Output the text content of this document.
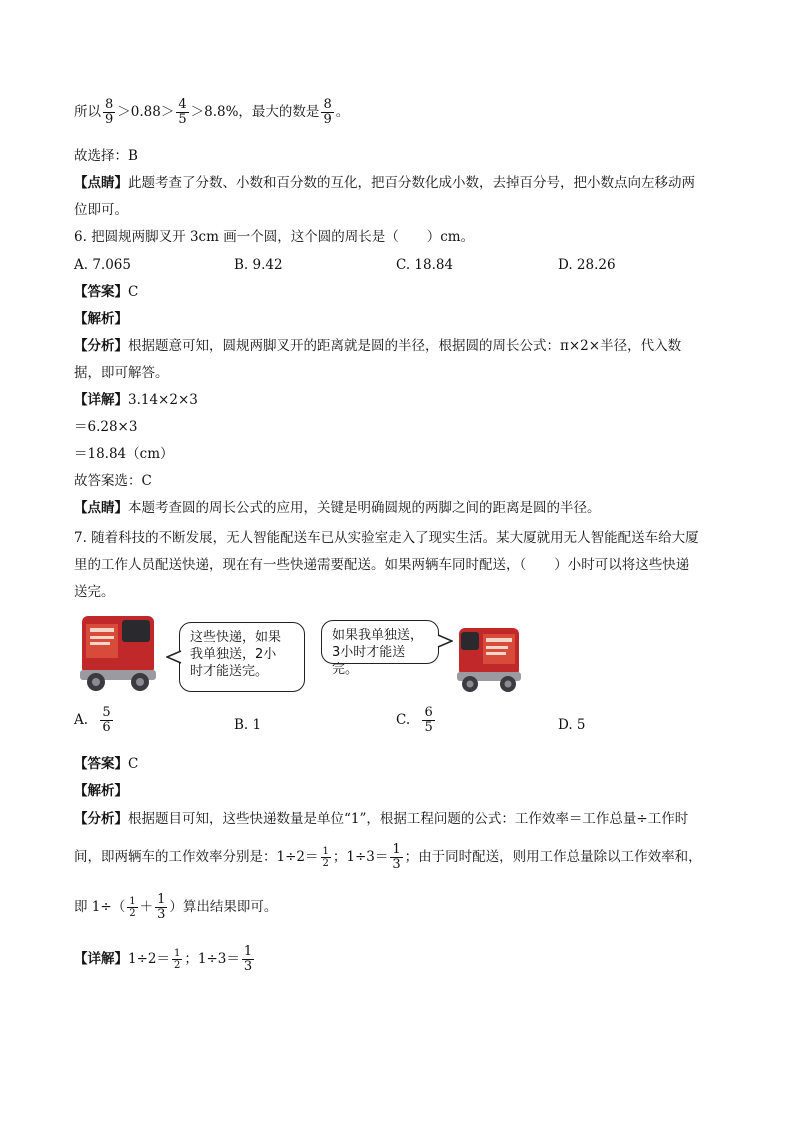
所以 $\frac{8}{9} >0.88> \frac{4}{5} >8.8\%$，最大的数是 $\frac{8}{9}$ 。
故选择：B
【点睛】此题考查了分数、小数和百分数的互化，把百分数化成小数，去掉百分号，把小数点向左移动两
位即可。
6. 把圆规两脚叉开 3cm 画一个圆，这个圆的周长是（ ）cm。
A. 7.065	B. 9.42	C. 18.84	D. 28.26
【答案】C
【解析】
【分析】根据题意可知，圆规两脚叉开的距离就是圆的半径，根据圆的周长公式：π×2×半径，代入数
据，即可解答。
【详解】3.14×2×3
＝6.28×3
＝18.84（cm）
故答案选：C
【点睛】本题考查圆的周长公式的应用，关键是明确圆规的两脚之间的距离是圆的半径。
7. 随着科技的不断发展，无人智能配送车已从实验室走入了现实生活。某大厦就用无人智能配送车给大厦
里的工作人员配送快递，现在有一些快递需要配送。如果两辆车同时配送，（ ）小时可以将这些快递
送完。
这些快递，如果
我单独送，2小
时才能送完。
如果我单独送，
3小时才能送完。
A. $\frac{5}{6}$	B. 1	C. $\frac{6}{5}$	D. 5
【答案】C
【解析】
【分析】根据题目可知，这些快递数量是单位“1”，根据工程问题的公式：工作效率＝工作总量÷工作时
间，即两辆车的工作效率分别是：$1\div 2= \frac{1}{2}$ ；$1\div 3= \frac{1}{3}$ ；由于同时配送，则用工作总量除以工作效率和，
即 $1\div( \frac{1}{2} + \frac{1}{3}$ ）算出结果即可。
【详解】$1\div 2= \frac{1}{2}$ ；$1\div 3= \frac{1}{3}$
